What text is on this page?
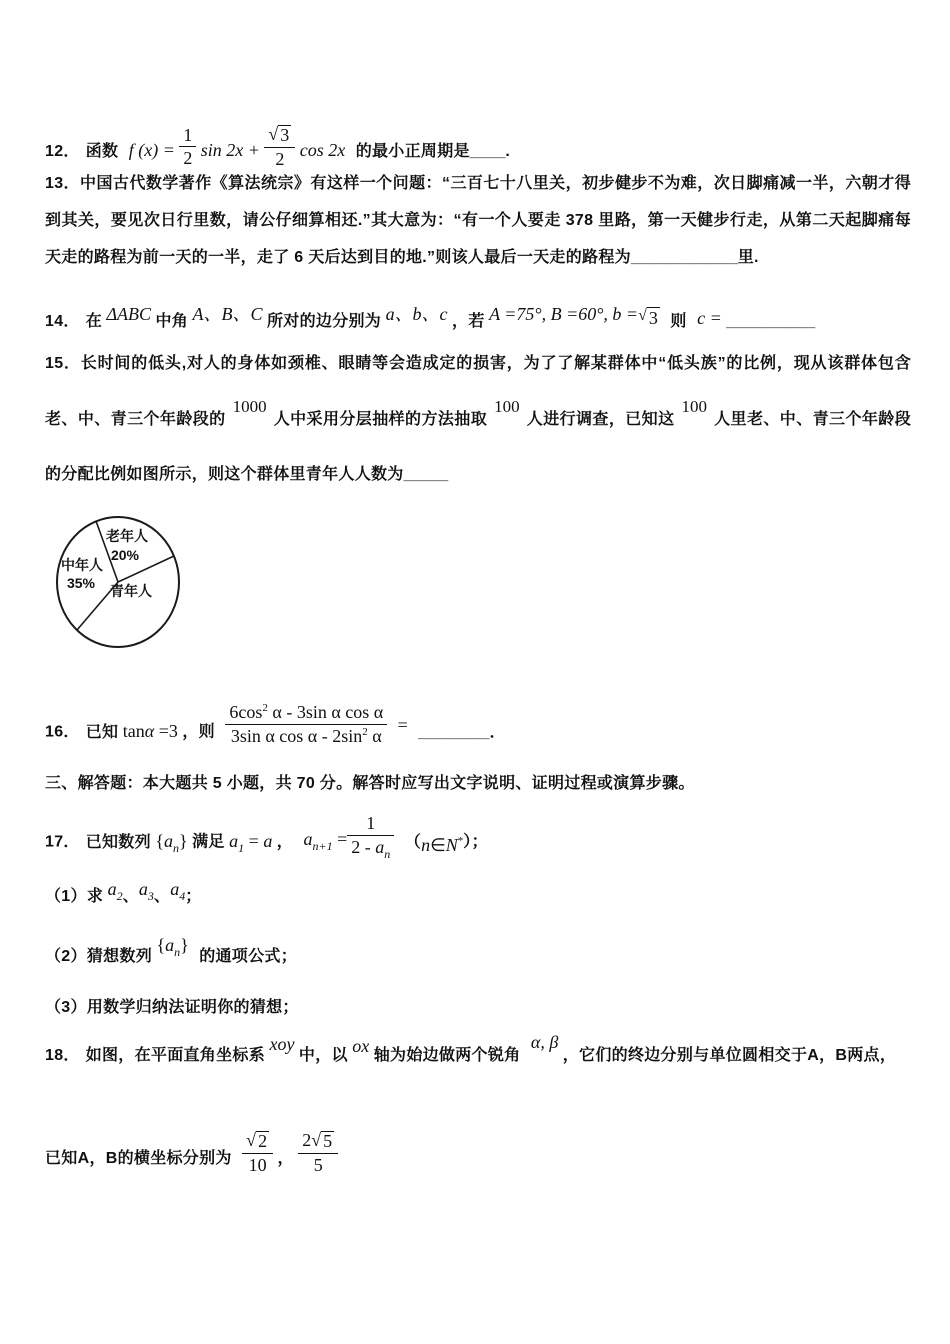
12． 函数 f $(x) = \frac{1}{2}$ $\sin 2x + \frac{√ 3}{2}$ cos 2x 的最小正周期是____.

13．中国古代数学著作《算法统宗》有这样一个问题：“三百七十八里关，初步健步不为难，次日脚痛减一半，六朝才得到其关，要见次日行里数，请公仔细算相还.”其大意为：“有一个人要走 378 里路，第一天健步行走，从第二天起脚痛每天走的路程为前一天的一半，走了 6 天后达到目的地.”则该人最后一天走的路程为____________里.

14． 在 ΔABC 中角 A、B、C 所对的边分别为 a、b、c ，若 A =75°, B =60°, b = √ 3 则 c = __________

15．长时间的低头,对人的身体如颈椎、眼睛等会造成定的损害，为了了解某群体中“低头族”的比例，现从该群体包含老、中、青三个年龄段的1000人中采用分层抽样的方法抽取100人进行调查，已知这100人里老、中、青三个年龄段的分配比例如图所示，则这个群体里青年人人数为_____

老年人
20%
中年人
35% 青年人
16． 已知 tanα =3 ，则 $\frac{6\cos^2 \alpha - 3\sin \alpha \cos \alpha}{3\sin \alpha \cos \alpha - 2\sin^2 \alpha}$ = ________．
三、解答题：本大题共 5 小题，共 70 分。解答时应写出文字说明、证明过程或演算步骤。
17． 已知数列 $\{a_n\}$ 满足 $a_1 = a$ ， $a_{n+1} = \frac{1}{2 - a_n}$ （n∈N*）；
（1）求 $a_2$、$a_3$、$a_4$；
（2）猜想数列 $\{a_n\}$ 的通项公式；
（3）用数学归纳法证明你的猜想；
18． 如图，在平面直角坐标系 xoy 中，以 ox 轴为始边做两个锐角 α, β ，它们的终边分别与单位圆相交于A，B两点，
已知A，B的横坐标分别为 $\frac{√ 2}{10}$ ， $\frac{2 √ 5}{5}$
